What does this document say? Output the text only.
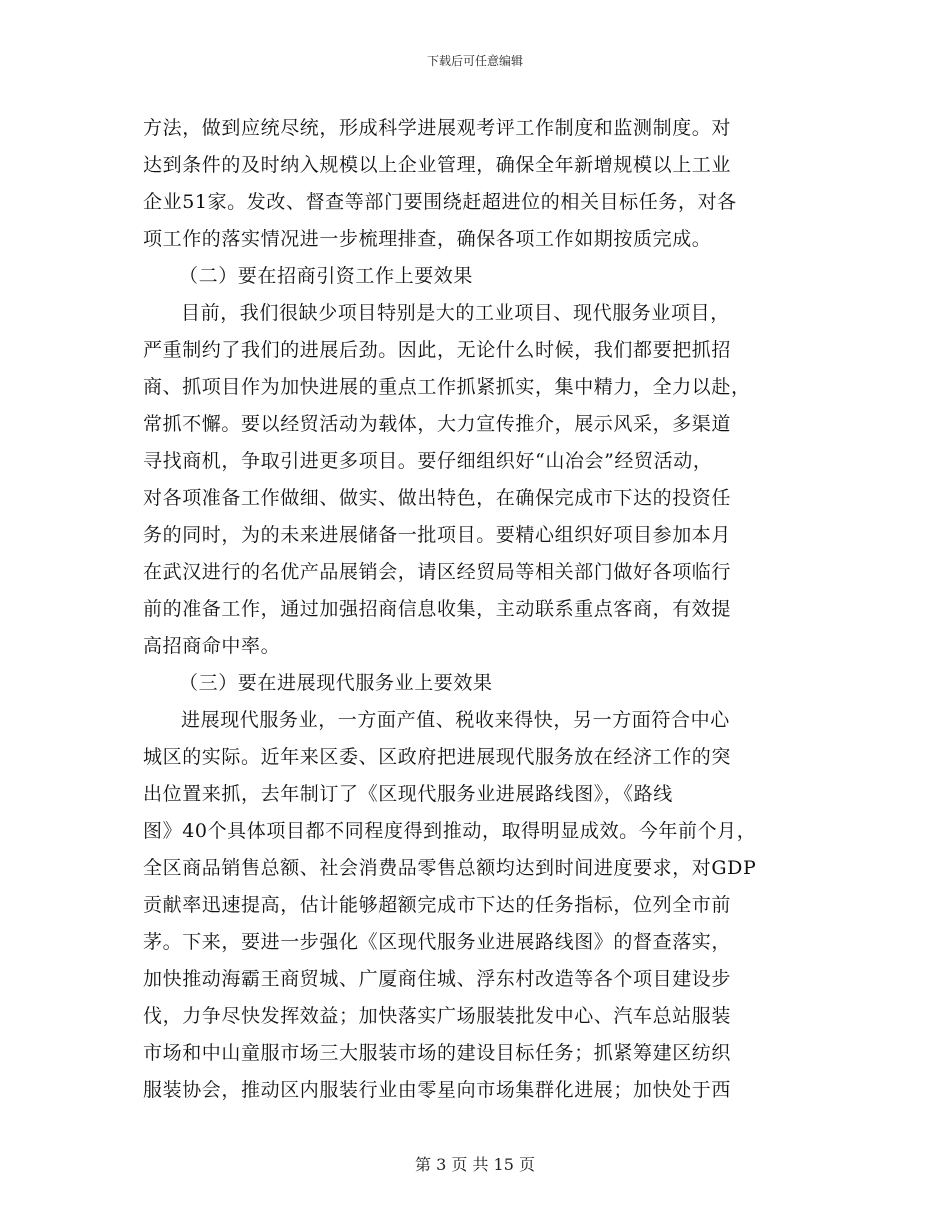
下载后可任意编辑
方法，做到应统尽统，形成科学进展观考评工作制度和监测制度。对
达到条件的及时纳入规模以上企业管理，确保全年新增规模以上工业
企业51家。发改、督查等部门要围绕赶超进位的相关目标任务，对各
项工作的落实情况进一步梳理排查，确保各项工作如期按质完成。
（二）要在招商引资工作上要效果
目前，我们很缺少项目特别是大的工业项目、现代服务业项目，
严重制约了我们的进展后劲。因此，无论什么时候，我们都要把抓招
商、抓项目作为加快进展的重点工作抓紧抓实，集中精力，全力以赴，
常抓不懈。要以经贸活动为载体，大力宣传推介，展示风采，多渠道
寻找商机，争取引进更多项目。要仔细组织好“山冶会”经贸活动，
对各项准备工作做细、做实、做出特色，在确保完成市下达的投资任
务的同时，为的未来进展储备一批项目。要精心组织好项目参加本月
在武汉进行的名优产品展销会，请区经贸局等相关部门做好各项临行
前的准备工作，通过加强招商信息收集，主动联系重点客商，有效提
高招商命中率。
（三）要在进展现代服务业上要效果
进展现代服务业，一方面产值、税收来得快，另一方面符合中心
城区的实际。近年来区委、区政府把进展现代服务放在经济工作的突
出位置来抓，去年制订了《区现代服务业进展路线图》，《路线
图》40个具体项目都不同程度得到推动，取得明显成效。今年前个月，
全区商品销售总额、社会消费品零售总额均达到时间进度要求，对GDP
贡献率迅速提高，估计能够超额完成市下达的任务指标，位列全市前
茅。下来，要进一步强化《区现代服务业进展路线图》的督查落实，
加快推动海霸王商贸城、广厦商住城、浮东村改造等各个项目建设步
伐，力争尽快发挥效益；加快落实广场服装批发中心、汽车总站服装
市场和中山童服市场三大服装市场的建设目标任务；抓紧筹建区纺织
服装协会，推动区内服装行业由零星向市场集群化进展；加快处于西
第 3 页 共 15 页
